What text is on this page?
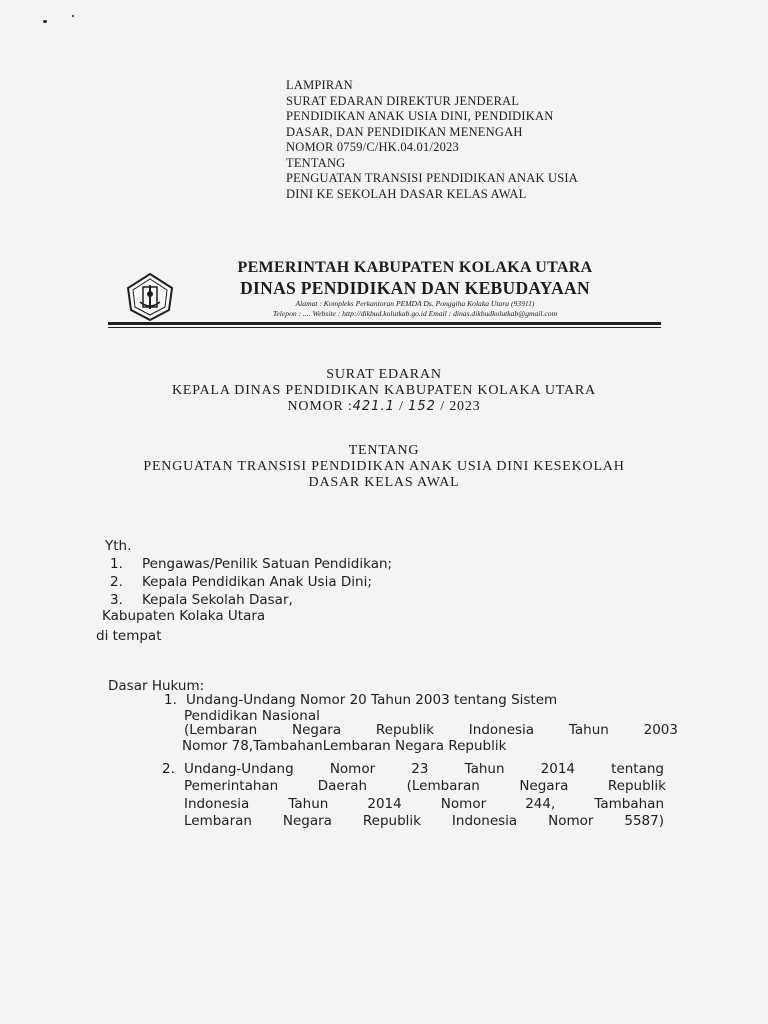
LAMPIRAN
SURAT EDARAN DIREKTUR JENDERAL
PENDIDIKAN ANAK USIA DINI, PENDIDIKAN
DASAR, DAN PENDIDIKAN MENENGAH
NOMOR 0759/C/HK.04.01/2023
TENTANG
PENGUATAN TRANSISI PENDIDIKAN ANAK USIA
DINI KE SEKOLAH DASAR KELAS AWAL
PEMERINTAH KABUPATEN KOLAKA UTARA
DINAS PENDIDIKAN DAN KEBUDAYAAN
Alamat : Kompleks Perkantoran PEMDA Ds. Ponggiha Kolaka Utara (93911)
Telepon : .... Website : http://dikbud.kolutkab.go.id Email : dinas.dikbudkolutkab@gmail.com
SURAT EDARAN
KEPALA DINAS PENDIDIKAN KABUPATEN KOLAKA UTARA
NOMOR :421.1 / 152 / 2023
TENTANG
PENGUATAN TRANSISI PENDIDIKAN ANAK USIA DINI KESEKOLAH
DASAR KELAS AWAL
Yth.
1. Pengawas/Penilik Satuan Pendidikan;
2. Kepala Pendidikan Anak Usia Dini;
3. Kepala Sekolah Dasar,
Kabupaten Kolaka Utara
di tempat
Dasar Hukum:
1. Undang-Undang Nomor 20 Tahun 2003 tentang Sistem
Pendidikan Nasional
(Lembaran Negara Republik Indonesia Tahun 2003
Nomor 78,TambahanLembaran Negara Republik
2. Undang-Undang Nomor 23 Tahun 2014 tentang
Pemerintahan Daerah (Lembaran Negara Republik
Indonesia Tahun 2014 Nomor 244, Tambahan
Lembaran Negara Republik Indonesia Nomor 5587)
